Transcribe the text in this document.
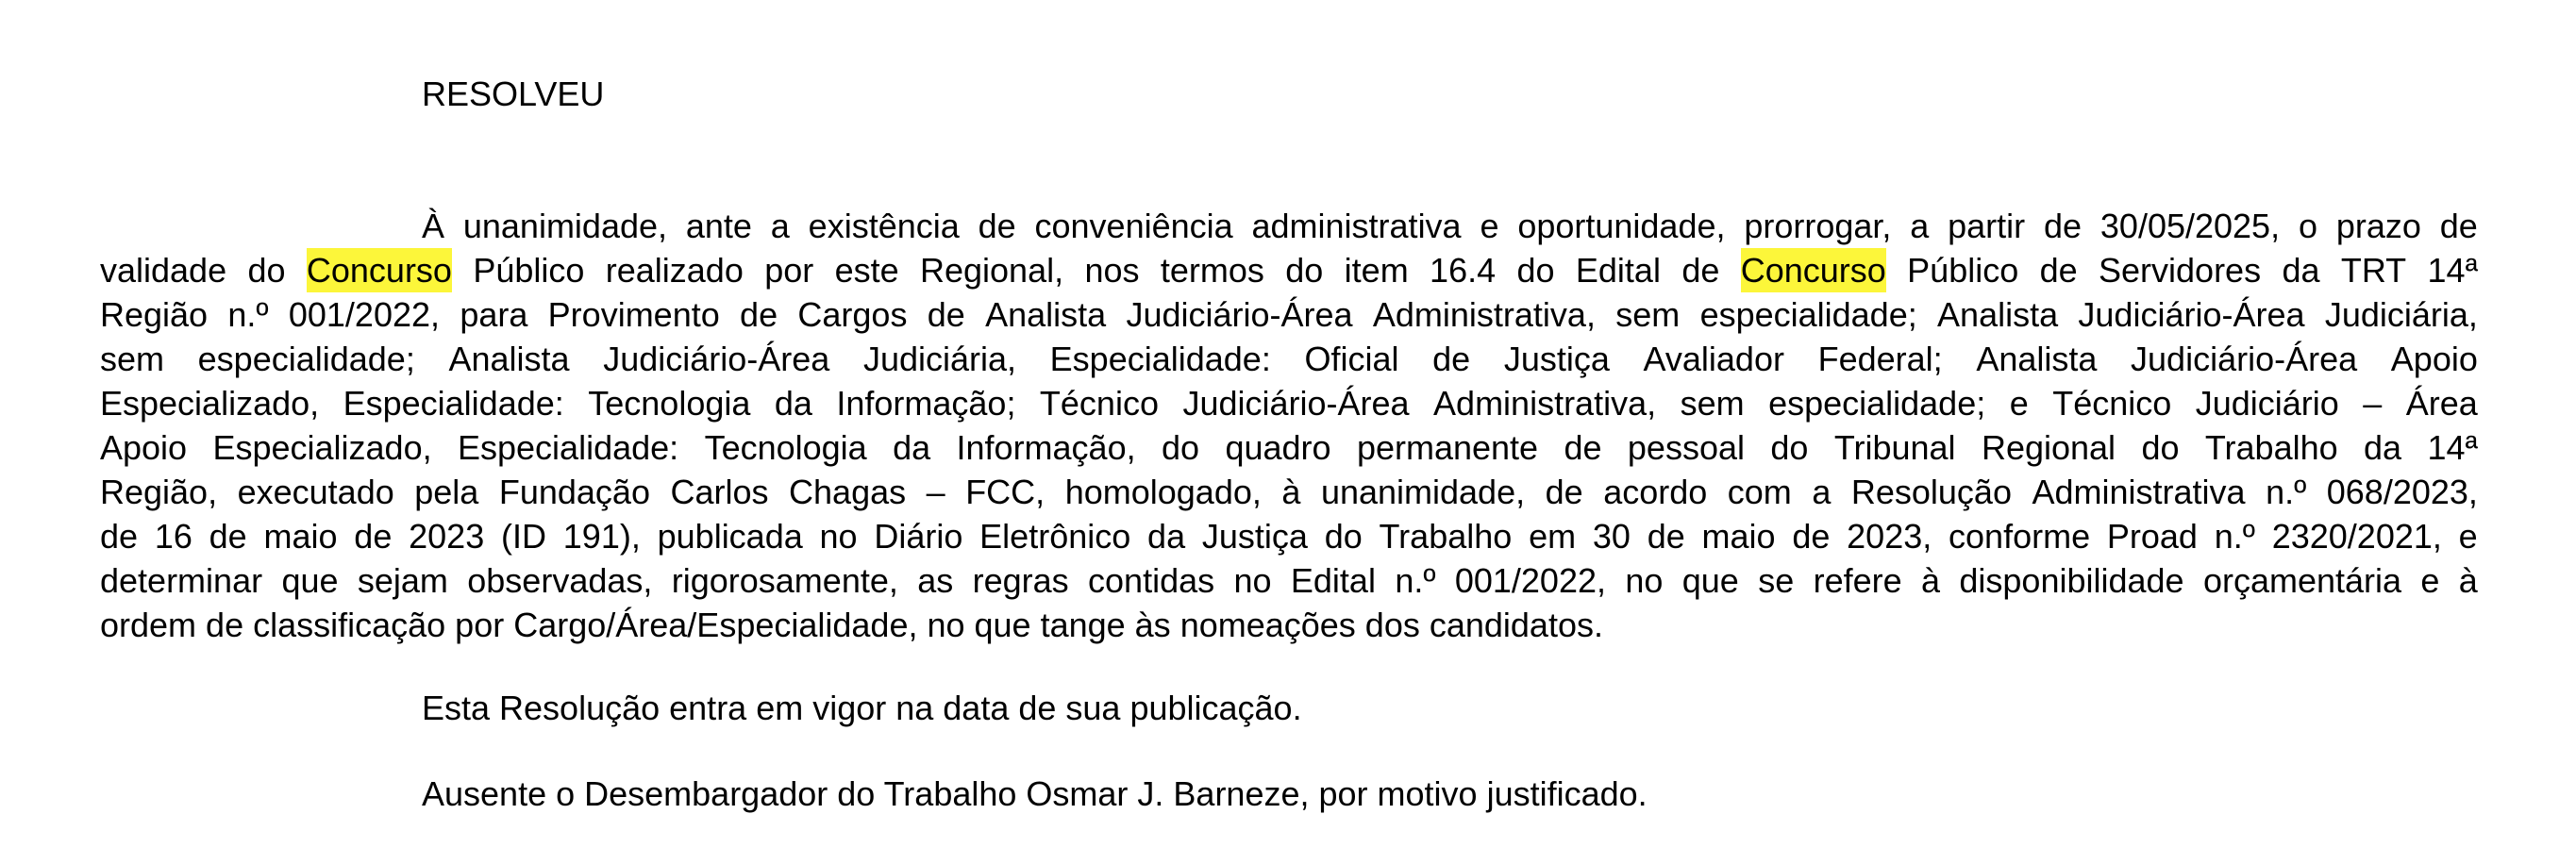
RESOLVEU
À unanimidade, ante a existência de conveniência administrativa e oportunidade, prorrogar, a partir de 30/05/2025, o prazo de
validade do Concurso Público realizado por este Regional, nos termos do item 16.4 do Edital de Concurso Público de Servidores da TRT 14ª
Região n.º 001/2022, para Provimento de Cargos de Analista Judiciário-Área Administrativa, sem especialidade; Analista Judiciário-Área Judiciária,
sem especialidade; Analista Judiciário-Área Judiciária, Especialidade: Oficial de Justiça Avaliador Federal; Analista Judiciário-Área Apoio
Especializado, Especialidade: Tecnologia da Informação; Técnico Judiciário-Área Administrativa, sem especialidade; e Técnico Judiciário – Área
Apoio Especializado, Especialidade: Tecnologia da Informação, do quadro permanente de pessoal do Tribunal Regional do Trabalho da 14ª
Região, executado pela Fundação Carlos Chagas – FCC, homologado, à unanimidade, de acordo com a Resolução Administrativa n.º 068/2023,
de 16 de maio de 2023 (ID 191), publicada no Diário Eletrônico da Justiça do Trabalho em 30 de maio de 2023, conforme Proad n.º 2320/2021, e
determinar que sejam observadas, rigorosamente, as regras contidas no Edital n.º 001/2022, no que se refere à disponibilidade orçamentária e à
ordem de classificação por Cargo/Área/Especialidade, no que tange às nomeações dos candidatos.
Esta Resolução entra em vigor na data de sua publicação.
Ausente o Desembargador do Trabalho Osmar J. Barneze, por motivo justificado.
